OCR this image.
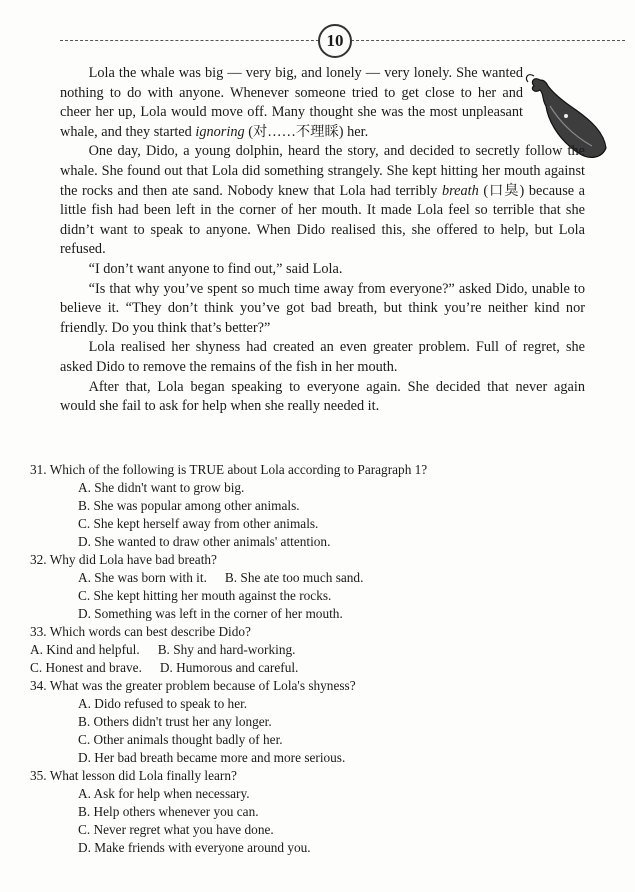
10

Lola the whale was big — very big, and lonely — very lonely. She wanted nothing to do with anyone. Whenever someone tried to get close to her and cheer her up, Lola would move off. Many thought she was the most unpleasant whale, and they started ignoring (对……不理睬) her.

One day, Dido, a young dolphin, heard the story, and decided to secretly follow the whale. She found out that Lola did something strangely. She kept hitting her mouth against the rocks and then ate sand. Nobody knew that Lola had terribly breath (口臭) because a little fish had been left in the corner of her mouth. It made Lola feel so terrible that she didn’t want to speak to anyone. When Dido realised this, she offered to help, but Lola refused.

“I don’t want anyone to find out,” said Lola.

“Is that why you’ve spent so much time away from everyone?” asked Dido, unable to believe it. “They don’t think you’ve got bad breath, but think you’re neither kind nor friendly. Do you think that’s better?”

Lola realised her shyness had created an even greater problem. Full of regret, she asked Dido to remove the remains of the fish in her mouth.

After that, Lola began speaking to everyone again. She decided that never again would she fail to ask for help when she really needed it.

31. Which of the following is TRUE about Lola according to Paragraph 1?
A. She didn't want to grow big.
B. She was popular among other animals.
C. She kept herself away from other animals.
D. She wanted to draw other animals' attention.
32. Why did Lola have bad breath?
A. She was born with it. B. She ate too much sand.
C. She kept hitting her mouth against the rocks.
D. Something was left in the corner of her mouth.
33. Which words can best describe Dido?
A. Kind and helpful. B. Shy and hard-working.
C. Honest and brave. D. Humorous and careful.
34. What was the greater problem because of Lola's shyness?
A. Dido refused to speak to her.
B. Others didn't trust her any longer.
C. Other animals thought badly of her.
D. Her bad breath became more and more serious.
35. What lesson did Lola finally learn?
A. Ask for help when necessary.
B. Help others whenever you can.
C. Never regret what you have done.
D. Make friends with everyone around you.
